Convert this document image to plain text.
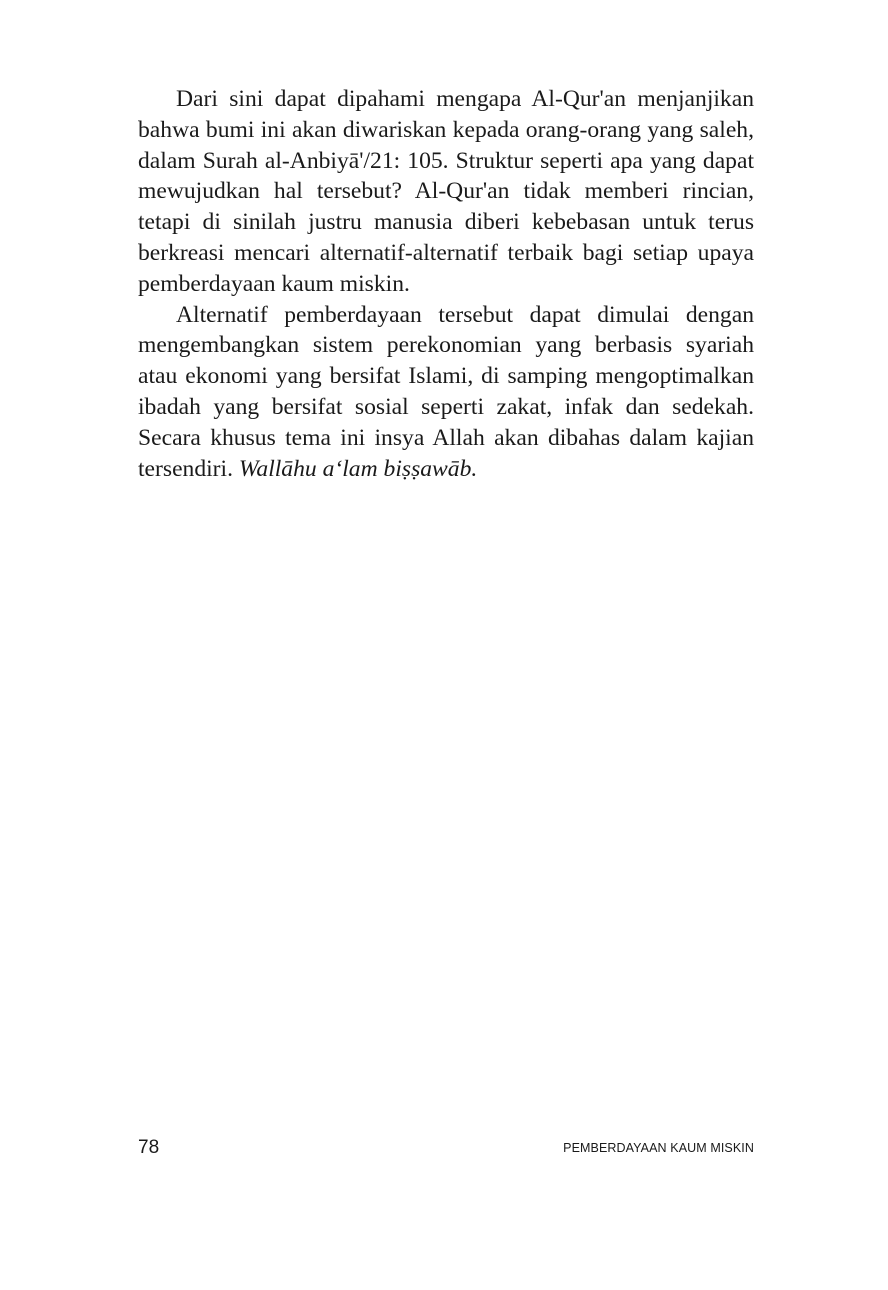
Dari sini dapat dipahami mengapa Al-Qur'an menjanjikan bahwa bumi ini akan diwariskan kepada orang-orang yang saleh, dalam Surah al-Anbiyā'/21: 105. Struktur seperti apa yang dapat mewujudkan hal tersebut? Al-Qur'an tidak memberi rincian, tetapi di sinilah justru manusia diberi kebebasan untuk terus berkreasi mencari alternatif-alternatif terbaik bagi setiap upaya pemberdayaan kaum miskin.

Alternatif pemberdayaan tersebut dapat dimulai dengan mengembangkan sistem perekonomian yang berbasis syariah atau ekonomi yang bersifat Islami, di samping mengoptimalkan ibadah yang bersifat sosial seperti zakat, infak dan sedekah. Secara khusus tema ini insya Allah akan dibahas dalam kajian tersendiri. Wallāhu a‘lam biṣṣawāb.

78	PEMBERDAYAAN KAUM MISKIN
